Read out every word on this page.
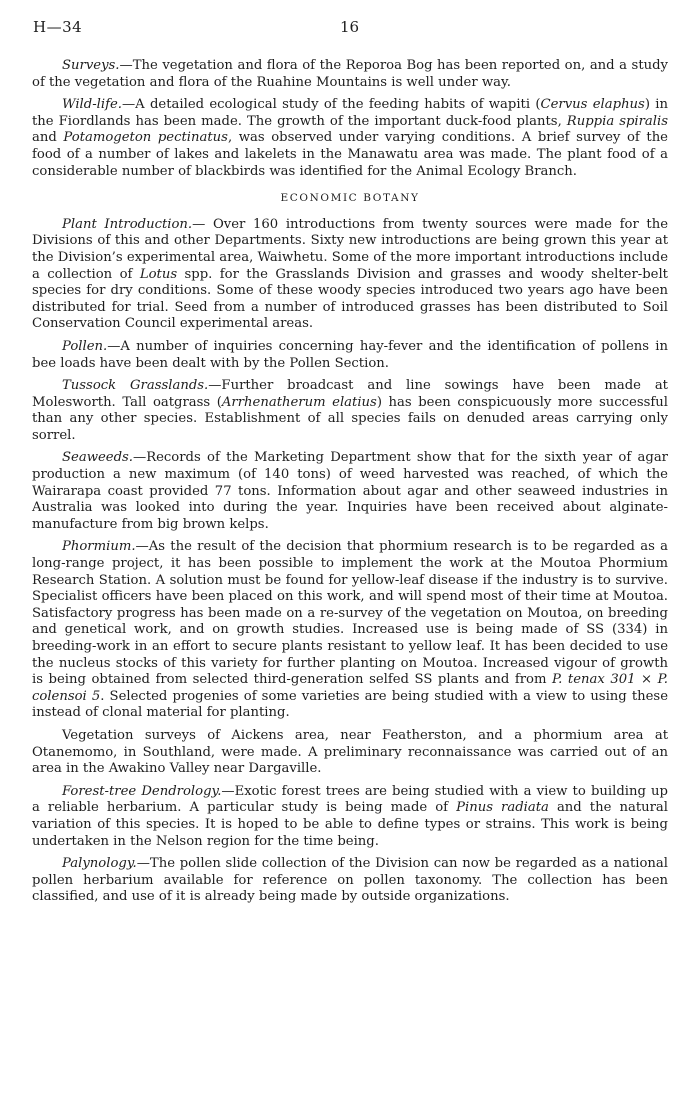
H—34	16

Surveys.—The vegetation and flora of the Reporoa Bog has been reported on, and a study of the vegetation and flora of the Ruahine Mountains is well under way.

Wild-life.—A detailed ecological study of the feeding habits of wapiti (Cervus elaphus) in the Fiordlands has been made. The growth of the important duck-food plants, Ruppia spiralis and Potamogeton pectinatus, was observed under varying conditions. A brief survey of the food of a number of lakes and lakelets in the Manawatu area was made. The plant food of a considerable number of blackbirds was identified for the Animal Ecology Branch.

ECONOMIC BOTANY

Plant Introduction.— Over 160 introductions from twenty sources were made for the Divisions of this and other Departments. Sixty new introductions are being grown this year at the Division’s experimental area, Waiwhetu. Some of the more important introductions include a collection of Lotus spp. for the Grasslands Division and grasses and woody shelter-belt species for dry conditions. Some of these woody species introduced two years ago have been distributed for trial. Seed from a number of introduced grasses has been distributed to Soil Conservation Council experimental areas.

Pollen.—A number of inquiries concerning hay-fever and the identification of pollens in bee loads have been dealt with by the Pollen Section.

Tussock Grasslands.—Further broadcast and line sowings have been made at Molesworth. Tall oatgrass (Arrhenatherum elatius) has been conspicuously more successful than any other species. Establishment of all species fails on denuded areas carrying only sorrel.

Seaweeds.—Records of the Marketing Department show that for the sixth year of agar production a new maximum (of 140 tons) of weed harvested was reached, of which the Wairarapa coast provided 77 tons. Information about agar and other seaweed industries in Australia was looked into during the year. Inquiries have been received about alginate-manufacture from big brown kelps.

Phormium.—As the result of the decision that phormium research is to be regarded as a long-range project, it has been possible to implement the work at the Moutoa Phormium Research Station. A solution must be found for yellow-leaf disease if the industry is to survive. Specialist officers have been placed on this work, and will spend most of their time at Moutoa. Satisfactory progress has been made on a re-survey of the vegetation on Moutoa, on breeding and genetical work, and on growth studies. Increased use is being made of SS (334) in breeding-work in an effort to secure plants resistant to yellow leaf. It has been decided to use the nucleus stocks of this variety for further planting on Moutoa. Increased vigour of growth is being obtained from selected third-generation selfed SS plants and from P. tenax 301 × P. colensoi 5. Selected progenies of some varieties are being studied with a view to using these instead of clonal material for planting.

Vegetation surveys of Aickens area, near Featherston, and a phormium area at Otanemomo, in Southland, were made. A preliminary reconnaissance was carried out of an area in the Awakino Valley near Dargaville.

Forest-tree Dendrology.—Exotic forest trees are being studied with a view to building up a reliable herbarium. A particular study is being made of Pinus radiata and the natural variation of this species. It is hoped to be able to define types or strains. This work is being undertaken in the Nelson region for the time being.

Palynology.—The pollen slide collection of the Division can now be regarded as a national pollen herbarium available for reference on pollen taxonomy. The collection has been classified, and use of it is already being made by outside organizations.
